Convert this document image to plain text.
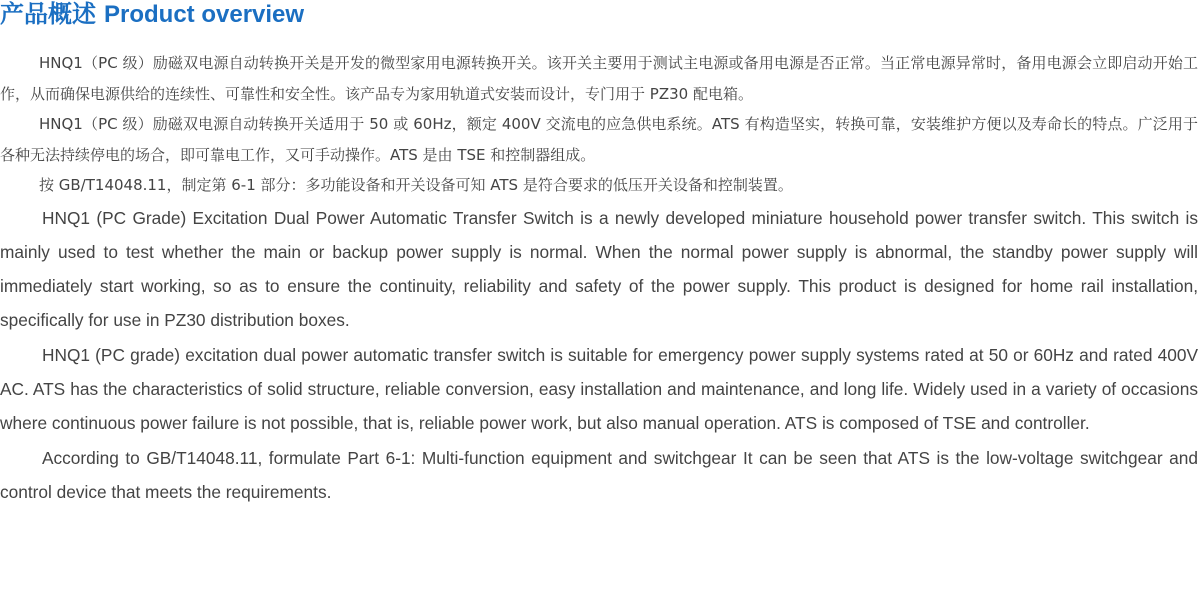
产品概述 Product overview

HNQ1（PC 级）励磁双电源自动转换开关是开发的微型家用电源转换开关。该开关主要用于测试主电源或备用电源是否正常。当正常电源异常时，备用电源会立即启动开始工作，从而确保电源供给的连续性、可靠性和安全性。该产品专为家用轨道式安装而设计，专门用于 PZ30 配电箱。

HNQ1（PC 级）励磁双电源自动转换开关适用于 50 或 60Hz，额定 400V 交流电的应急供电系统。ATS 有构造坚实，转换可靠，安装维护方便以及寿命长的特点。广泛用于各种无法持续停电的场合，即可靠电工作，又可手动操作。ATS 是由 TSE 和控制器组成。

按 GB/T14048.11，制定第 6-1 部分：多功能设备和开关设备可知 ATS 是符合要求的低压开关设备和控制装置。

HNQ1 (PC Grade) Excitation Dual Power Automatic Transfer Switch is a newly developed miniature household power transfer switch. This switch is mainly used to test whether the main or backup power supply is normal. When the normal power supply is abnormal, the standby power supply will immediately start working, so as to ensure the continuity, reliability and safety of the power supply. This product is designed for home rail installation, specifically for use in PZ30 distribution boxes.

HNQ1 (PC grade) excitation dual power automatic transfer switch is suitable for emergency power supply systems rated at 50 or 60Hz and rated 400V AC. ATS has the characteristics of solid structure, reliable conversion, easy installation and maintenance, and long life. Widely used in a variety of occasions where continuous power failure is not possible, that is, reliable power work, but also manual operation. ATS is composed of TSE and controller.

According to GB/T14048.11, formulate Part 6-1: Multi-function equipment and switchgear It can be seen that ATS is the low-voltage switchgear and control device that meets the requirements.
